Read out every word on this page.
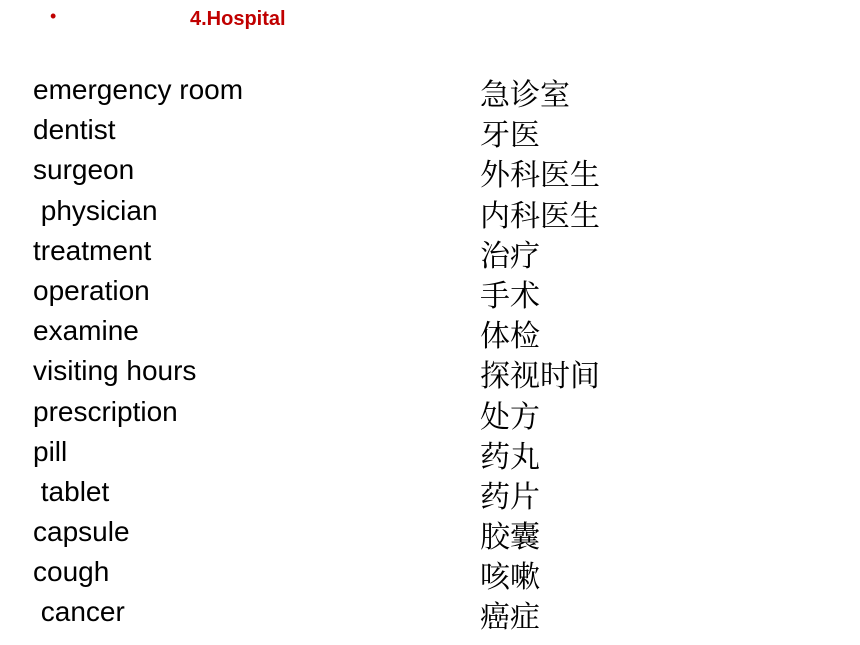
•	4.Hospital
emergency room
dentist
surgeon
physician
treatment
operation
examine
visiting hours
prescription
pill
tablet
capsule
cough
cancer
急诊室
牙医
外科医生
内科医生
治疗
手术
体检
探视时间
处方
药丸
药片
胶囊
咳嗽
癌症
